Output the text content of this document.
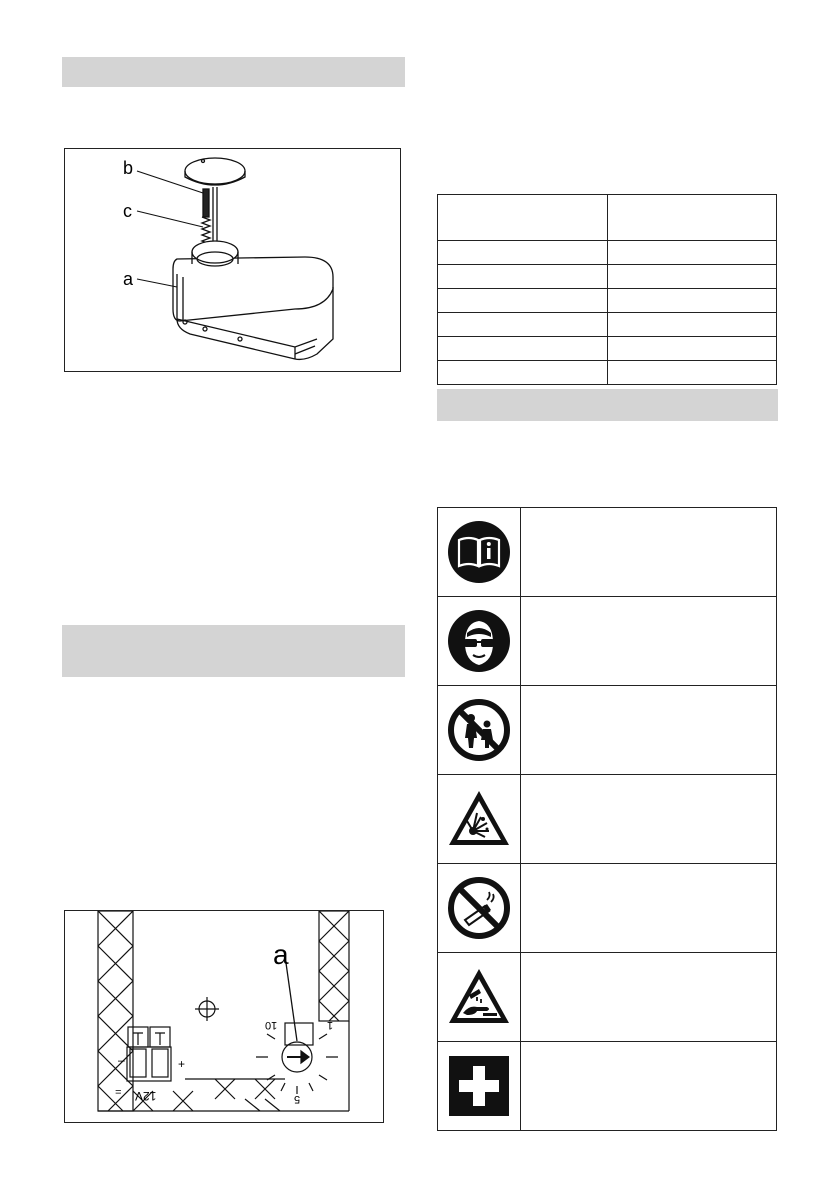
b
c
a
a
10	1
5
+
–
12V
=
